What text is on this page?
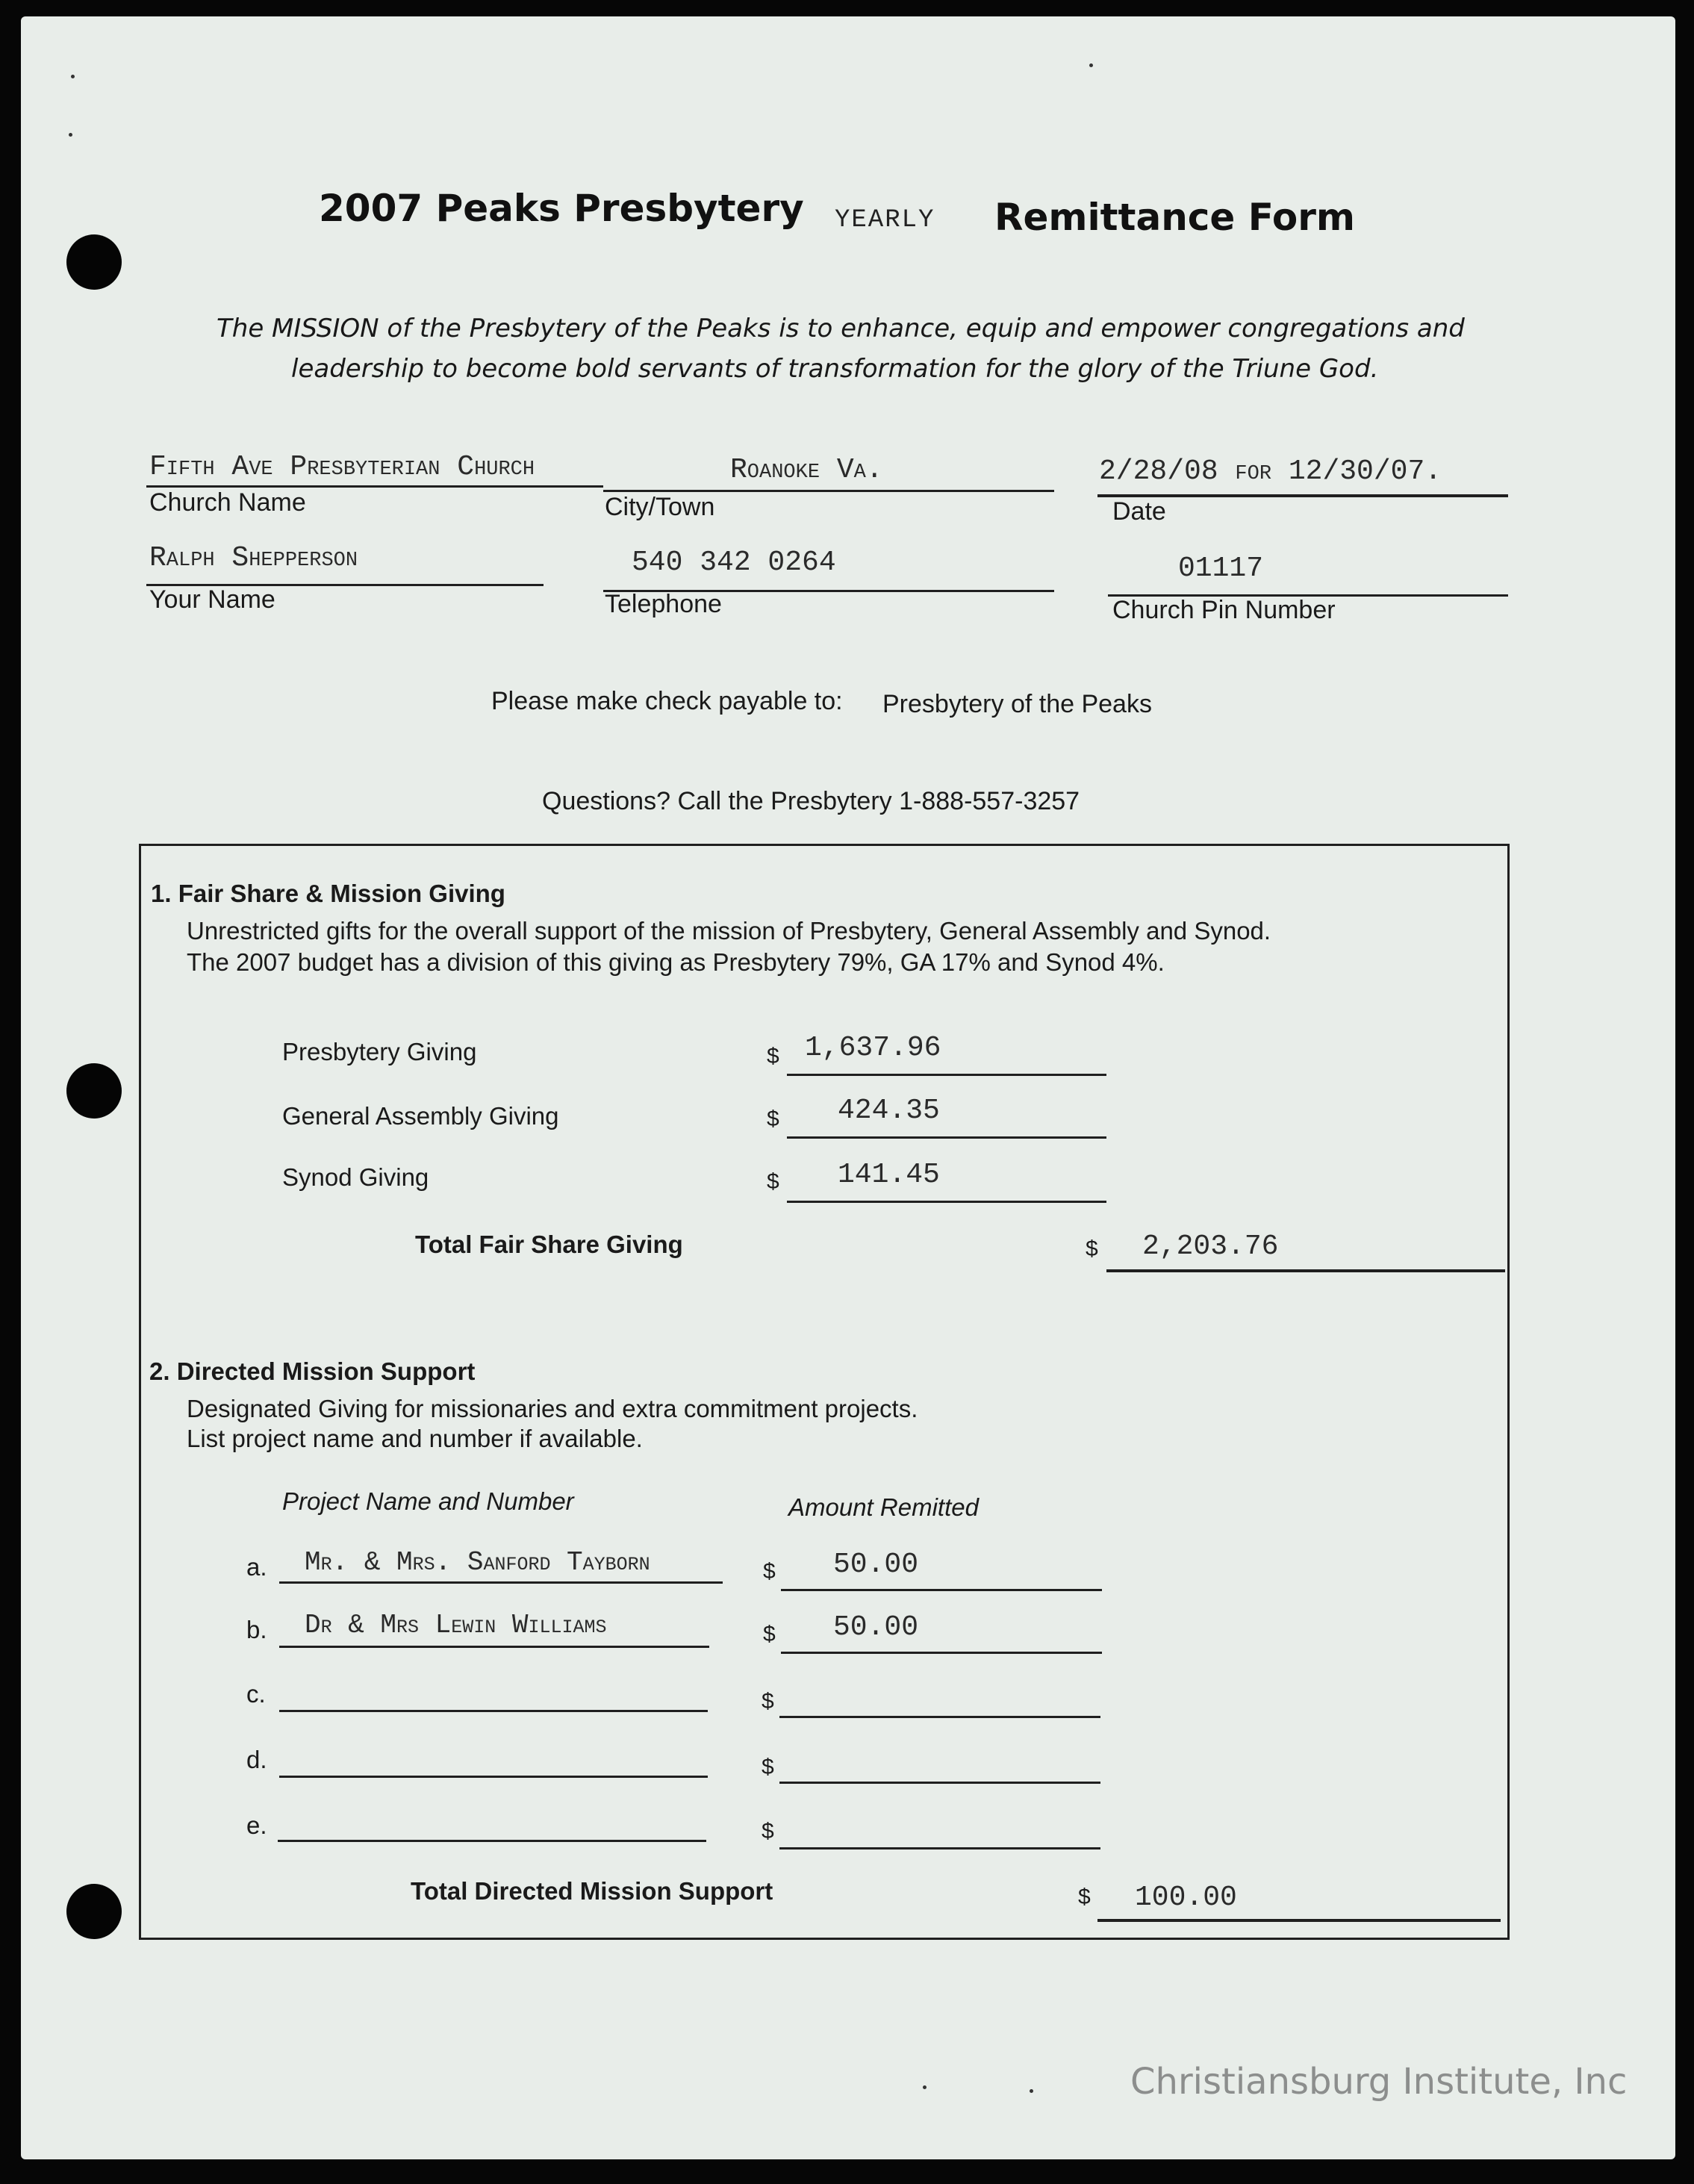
2007 Peaks Presbytery YEARLY Remittance Form
The MISSION of the Presbytery of the Peaks is to enhance, equip and empower congregations and
leadership to become bold servants of transformation for the glory of the Triune God.
Fifth Ave Presbyterian Church
Church Name
Roanoke Va.
City/Town
2/28/08 for 12/30/07.
Date
Ralph Shepperson
Your Name
540 342 0264
Telephone
01117
Church Pin Number
Please make check payable to: Presbytery of the Peaks
Questions? Call the Presbytery 1-888-557-3257
1. Fair Share & Mission Giving
Unrestricted gifts for the overall support of the mission of Presbytery, General Assembly and Synod.
The 2007 budget has a division of this giving as Presbytery 79%, GA 17% and Synod 4%.
Presbytery Giving	$ 1,637.96
General Assembly Giving	$ 424.35
Synod Giving	$ 141.45
Total Fair Share Giving	$ 2,203.76
2. Directed Mission Support
Designated Giving for missionaries and extra commitment projects.
List project name and number if available.
Project Name and Number	Amount Remitted
a. Mr. & Mrs. Sanford Tayborn	$ 50.00
b. Dr & Mrs Lewin Williams	$ 50.00
c.	$
d.	$
e.	$
Total Directed Mission Support	$ 100.00
Christiansburg Institute, Inc
